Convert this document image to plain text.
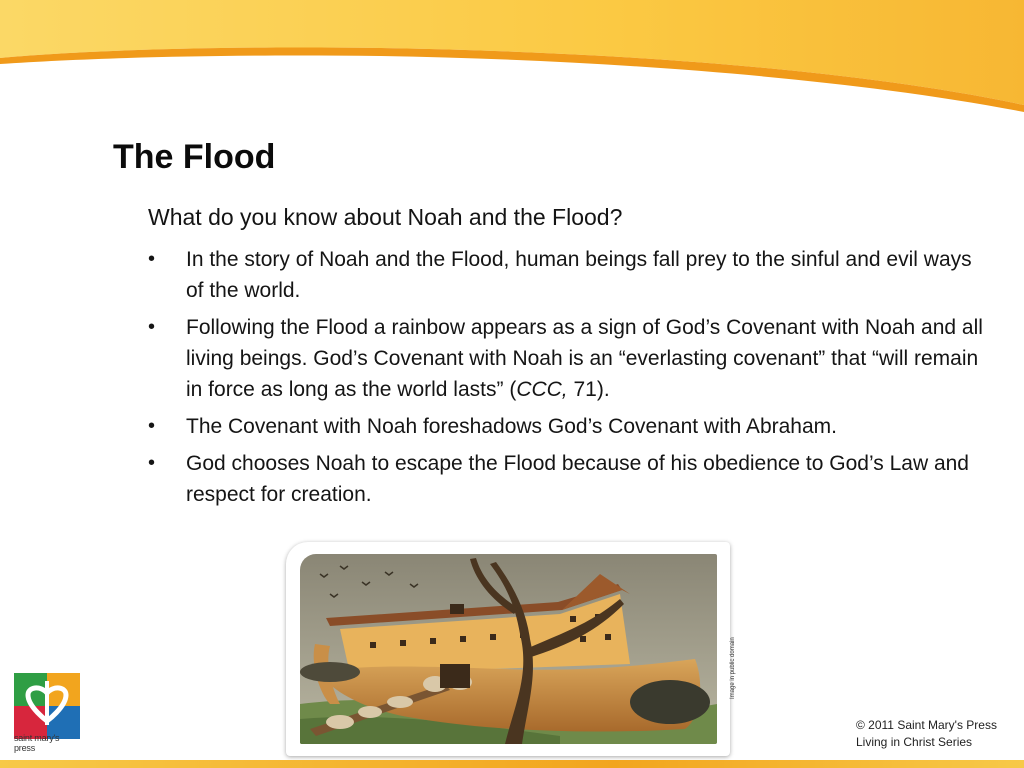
The Flood

What do you know about Noah and the Flood?

• In the story of Noah and the Flood, human beings fall prey to the sinful and evil ways of the world.
• Following the Flood a rainbow appears as a sign of God’s Covenant with Noah and all living beings. God’s Covenant with Noah is an “everlasting covenant” that “will remain in force as long as the world lasts” (CCC, 71).
• The Covenant with Noah foreshadows God’s Covenant with Abraham.
• God chooses Noah to escape the Flood because of his obedience to God’s Law and respect for creation.
Image in public domain
saint mary's press
© 2011 Saint Mary's Press
Living in Christ Series
